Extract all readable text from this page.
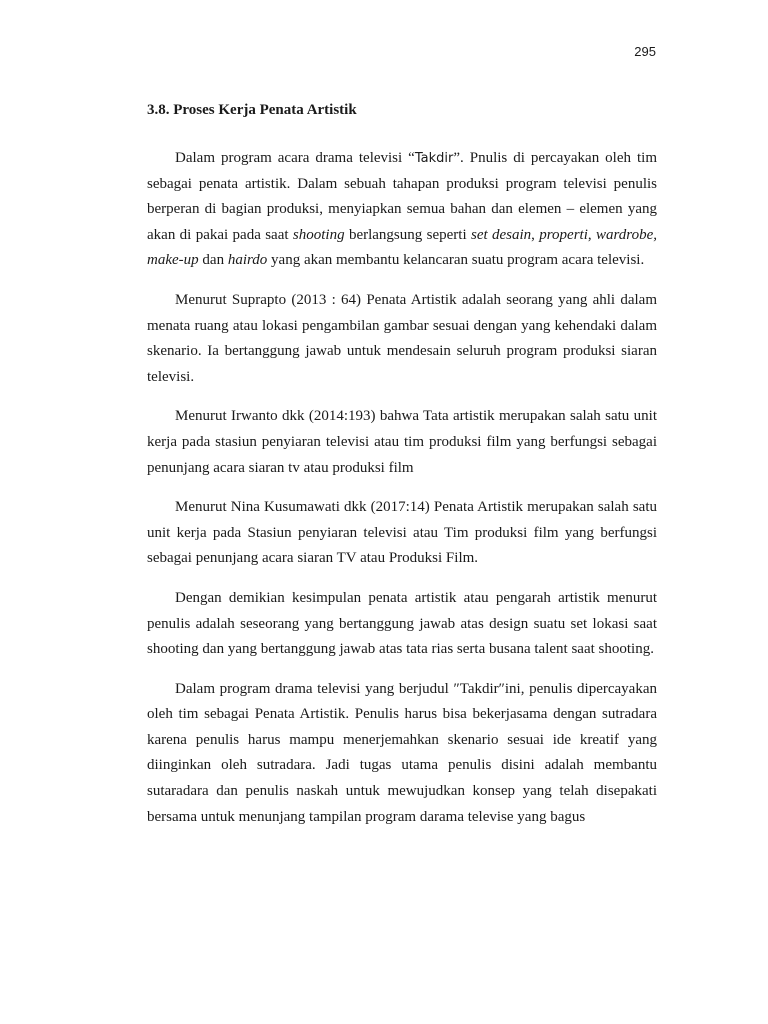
295
3.8. Proses Kerja Penata Artistik

Dalam program acara drama televisi “Takdir”. Pnulis di percayakan oleh tim sebagai penata artistik. Dalam sebuah tahapan produksi program televisi penulis berperan di bagian produksi, menyiapkan semua bahan dan elemen – elemen yang akan di pakai pada saat shooting berlangsung seperti set desain, properti, wardrobe, make-up dan hairdo yang akan membantu kelancaran suatu program acara televisi.

Menurut Suprapto (2013 : 64) Penata Artistik adalah seorang yang ahli dalam menata ruang atau lokasi pengambilan gambar sesuai dengan yang kehendaki dalam skenario. Ia bertanggung jawab untuk mendesain seluruh program produksi siaran televisi.

Menurut Irwanto dkk (2014:193) bahwa Tata artistik merupakan salah satu unit kerja pada stasiun penyiaran televisi atau tim produksi film yang berfungsi sebagai penunjang acara siaran tv atau produksi film

Menurut Nina Kusumawati dkk (2017:14) Penata Artistik merupakan salah satu unit kerja pada Stasiun penyiaran televisi atau Tim produksi film yang berfungsi sebagai penunjang acara siaran TV atau Produksi Film.

Dengan demikian kesimpulan penata artistik atau pengarah artistik menurut penulis adalah seseorang yang bertanggung jawab atas design suatu set lokasi saat shooting dan yang bertanggung jawab atas tata rias serta busana talent saat shooting.

Dalam program drama televisi yang berjudul ″Takdir″ini, penulis dipercayakan oleh tim sebagai Penata Artistik. Penulis harus bisa bekerjasama dengan sutradara karena penulis harus mampu menerjemahkan skenario sesuai ide kreatif yang diinginkan oleh sutradara. Jadi tugas utama penulis disini adalah membantu sutaradara dan penulis naskah untuk mewujudkan konsep yang telah disepakati bersama untuk menunjang tampilan program darama televise yang bagus
